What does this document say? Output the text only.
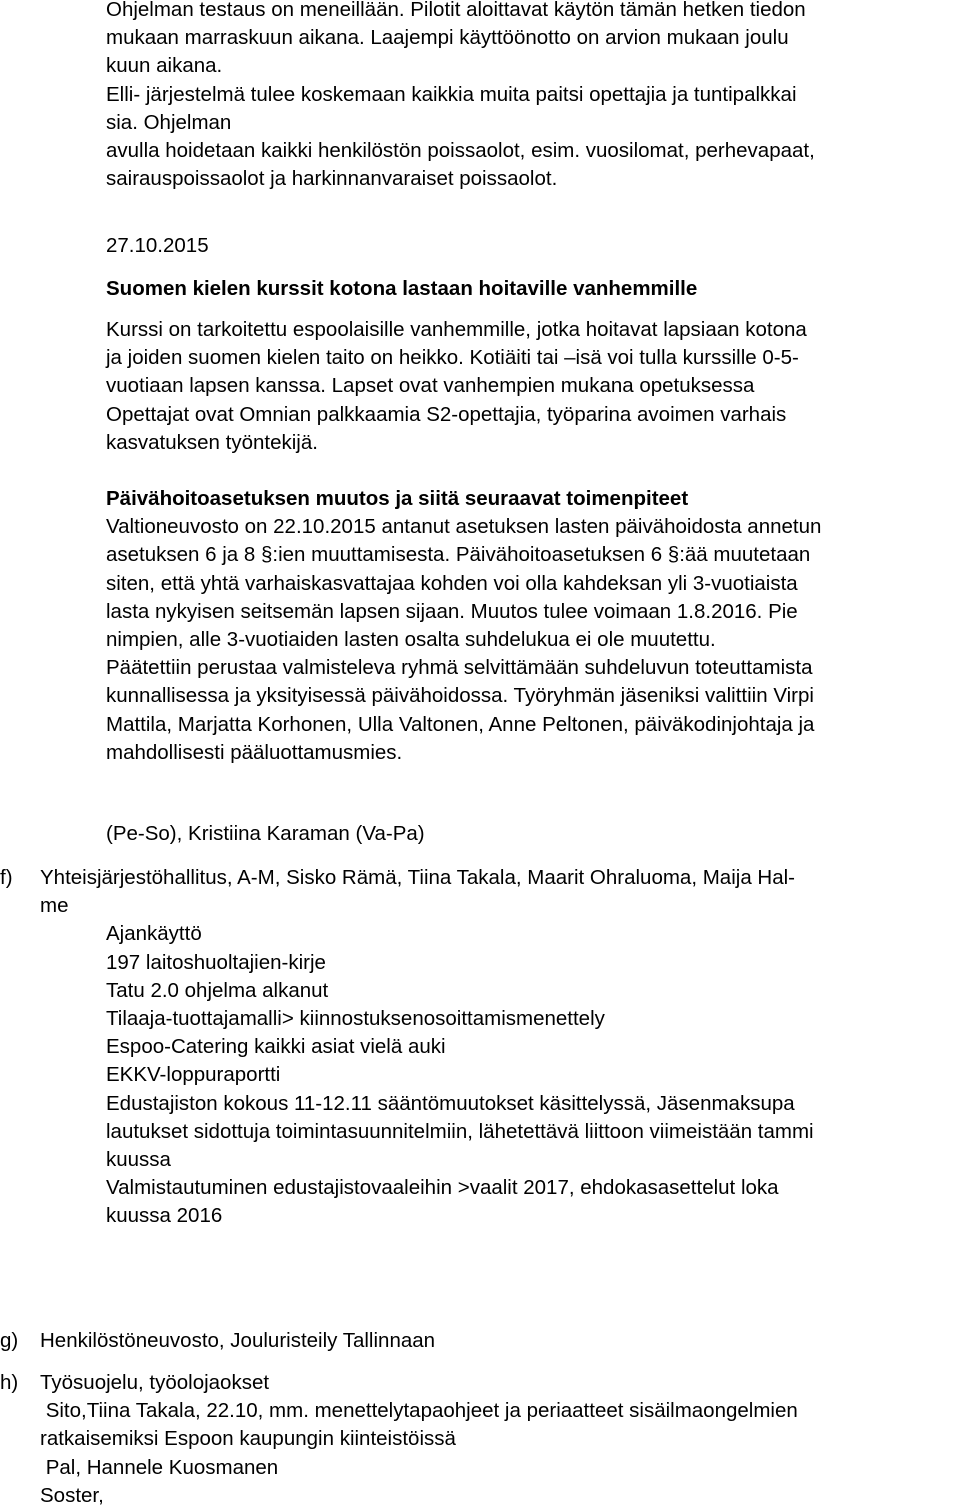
Ohjelman testaus on meneillään. Pilotit aloittavat käytön tämän hetken tiedon
mukaan marraskuun aikana. Laajempi käyttöönotto on arvion mukaan joulu
kuun aikana.
Elli- järjestelmä tulee koskemaan kaikkia muita paitsi opettajia ja tuntipalkkai
sia. Ohjelman
avulla hoidetaan kaikki henkilöstön poissaolot, esim. vuosilomat, perhevapaat,
sairauspoissaolot ja harkinnanvaraiset poissaolot.
27.10.2015
Suomen kielen kurssit kotona lastaan hoitaville vanhemmille
Kurssi on tarkoitettu espoolaisille vanhemmille, jotka hoitavat lapsiaan kotona
ja joiden suomen kielen taito on heikko. Kotiäiti tai –isä voi tulla kurssille 0-5-
vuotiaan lapsen kanssa. Lapset ovat vanhempien mukana opetuksessa
Opettajat ovat Omnian palkkaamia S2-opettajia, työparina avoimen varhais
kasvatuksen työntekijä.
Päivähoitoasetuksen muutos ja siitä seuraavat toimenpiteet
Valtioneuvosto on 22.10.2015 antanut asetuksen lasten päivähoidosta annetun
asetuksen 6 ja 8 §:ien muuttamisesta. Päivähoitoasetuksen 6 §:ää muutetaan
siten, että yhtä varhaiskasvattajaa kohden voi olla kahdeksan yli 3-vuotiaista
lasta nykyisen seitsemän lapsen sijaan. Muutos tulee voimaan 1.8.2016. Pie
nimpien, alle 3-vuotiaiden lasten osalta suhdelukua ei ole muutettu.
Päätettiin perustaa valmisteleva ryhmä selvittämään suhdeluvun toteuttamista
kunnallisessa ja yksityisessä päivähoidossa. Työryhmän jäseniksi valittiin Virpi
Mattila, Marjatta Korhonen, Ulla Valtonen, Anne Peltonen, päiväkodinjohtaja ja
mahdollisesti pääluottamusmies.
(Pe-So), Kristiina Karaman (Va-Pa)
f) Yhteisjärjestöhallitus, A-M, Sisko Rämä, Tiina Takala, Maarit Ohraluoma, Maija Hal-
me
Ajankäyttö
197 laitoshuoltajien-kirje
Tatu 2.0 ohjelma alkanut
Tilaaja-tuottajamalli> kiinnostuksenosoittamismenettely
Espoo-Catering kaikki asiat vielä auki
EKKV-loppuraportti
Edustajiston kokous 11-12.11 sääntömuutokset käsittelyssä, Jäsenmaksupa
lautukset sidottuja toimintasuunnitelmiin, lähetettävä liittoon viimeistään tammi
kuussa
Valmistautuminen edustajistovaaleihin >vaalit 2017, ehdokasasettelut loka
kuussa 2016
g) Henkilöstöneuvosto, Jouluristeily Tallinnaan
h) Työsuojelu, työolojaokset
Sito,Tiina Takala, 22.10, mm. menettelytapaohjeet ja periaatteet sisäilmaongelmien
ratkaisemiksi Espoon kaupungin kiinteistöissä
Pal, Hannele Kuosmanen
Soster,
